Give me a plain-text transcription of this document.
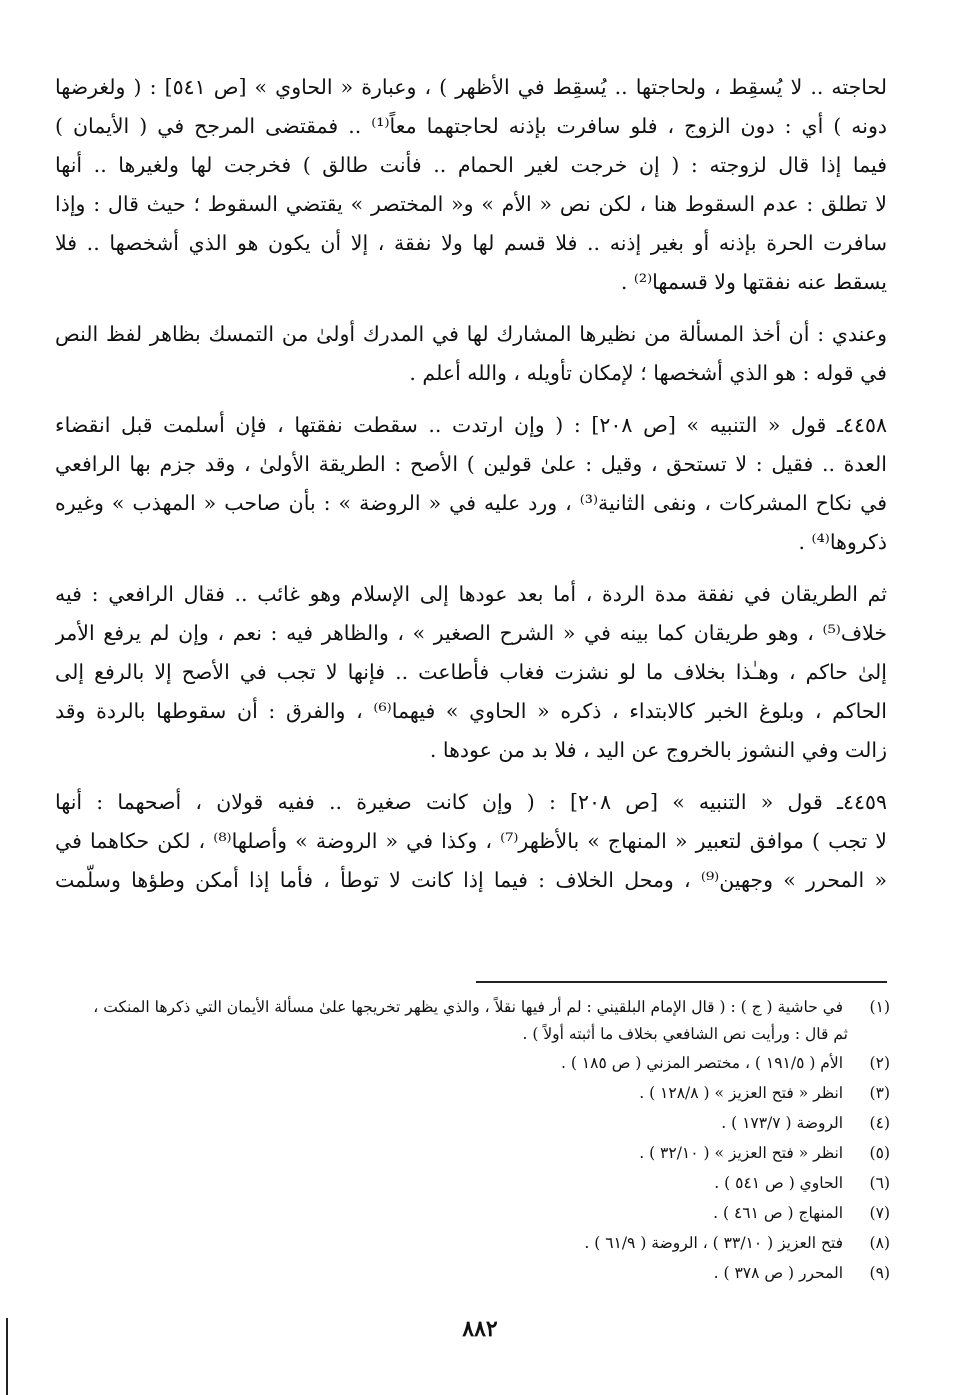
لحاجته .. لا يُسقِط ، ولحاجتها .. يُسقِط في الأظهر ) ، وعبارة « الحاوي » [ص ٥٤١] : ( ولغرضها
دونه ) أي : دون الزوج ، فلو سافرت بإذنه لحاجتهما معاً⁽¹⁾ .. فمقتضى المرجح في ( الأيمان )
فيما إذا قال لزوجته : ( إن خرجت لغير الحمام .. فأنت طالق ) فخرجت لها ولغيرها .. أنها
لا تطلق : عدم السقوط هنا ، لكن نص « الأم » و« المختصر » يقتضي السقوط ؛ حيث قال : وإذا
سافرت الحرة بإذنه أو بغير إذنه .. فلا قسم لها ولا نفقة ، إلا أن يكون هو الذي أشخصها .. فلا
يسقط عنه نفقتها ولا قسمها⁽²⁾ .
وعندي : أن أخذ المسألة من نظيرها المشارك لها في المدرك أولىٰ من التمسك بظاهر لفظ النص
في قوله : هو الذي أشخصها ؛ لإمكان تأويله ، والله أعلم .
٤٤٥٨ـ قول « التنبيه » [ص ٢٠٨] : ( وإن ارتدت .. سقطت نفقتها ، فإن أسلمت قبل انقضاء
العدة .. فقيل : لا تستحق ، وقيل : علىٰ قولين ) الأصح : الطريقة الأولىٰ ، وقد جزم بها الرافعي
في نكاح المشركات ، ونفى الثانية⁽³⁾ ، ورد عليه في « الروضة » : بأن صاحب « المهذب » وغيره
ذكروها⁽⁴⁾ .
ثم الطريقان في نفقة مدة الردة ، أما بعد عودها إلى الإسلام وهو غائب .. فقال الرافعي : فيه
خلاف⁽⁵⁾ ، وهو طريقان كما بينه في « الشرح الصغير » ، والظاهر فيه : نعم ، وإن لم يرفع الأمر
إلىٰ حاكم ، وهـٰذا بخلاف ما لو نشزت فغاب فأطاعت .. فإنها لا تجب في الأصح إلا بالرفع إلى
الحاكم ، وبلوغ الخبر كالابتداء ، ذكره « الحاوي » فيهما⁽⁶⁾ ، والفرق : أن سقوطها بالردة وقد
زالت وفي النشوز بالخروج عن اليد ، فلا بد من عودها .
٤٤٥٩ـ قول « التنبيه » [ص ٢٠٨] : ( وإن كانت صغيرة .. ففيه قولان ، أصحهما : أنها
لا تجب ) موافق لتعبير « المنهاج » بالأظهر⁽⁷⁾ ، وكذا في « الروضة » وأصلها⁽⁸⁾ ، لكن حكاهما في
« المحرر » وجهين⁽⁹⁾ ، ومحل الخلاف : فيما إذا كانت لا توطأ ، فأما إذا أمكن وطؤها وسلّمت
(١) في حاشية ( ج ) : ( قال الإمام البلقيني : لم أر فيها نقلاً ، والذي يظهر تخريجها علىٰ مسألة الأيمان التي ذكرها المنكت ،
ثم قال : ورأيت نص الشافعي بخلاف ما أثبته أولاً ) .
(٢) الأم ( ١٩١/٥ ) ، مختصر المزني ( ص ١٨٥ ) .
(٣) انظر « فتح العزيز » ( ١٢٨/٨ ) .
(٤) الروضة ( ١٧٣/٧ ) .
(٥) انظر « فتح العزيز » ( ٣٢/١٠ ) .
(٦) الحاوي ( ص ٥٤١ ) .
(٧) المنهاج ( ص ٤٦١ ) .
(٨) فتح العزيز ( ٣٣/١٠ ) ، الروضة ( ٦١/٩ ) .
(٩) المحرر ( ص ٣٧٨ ) .
٨٨٢
